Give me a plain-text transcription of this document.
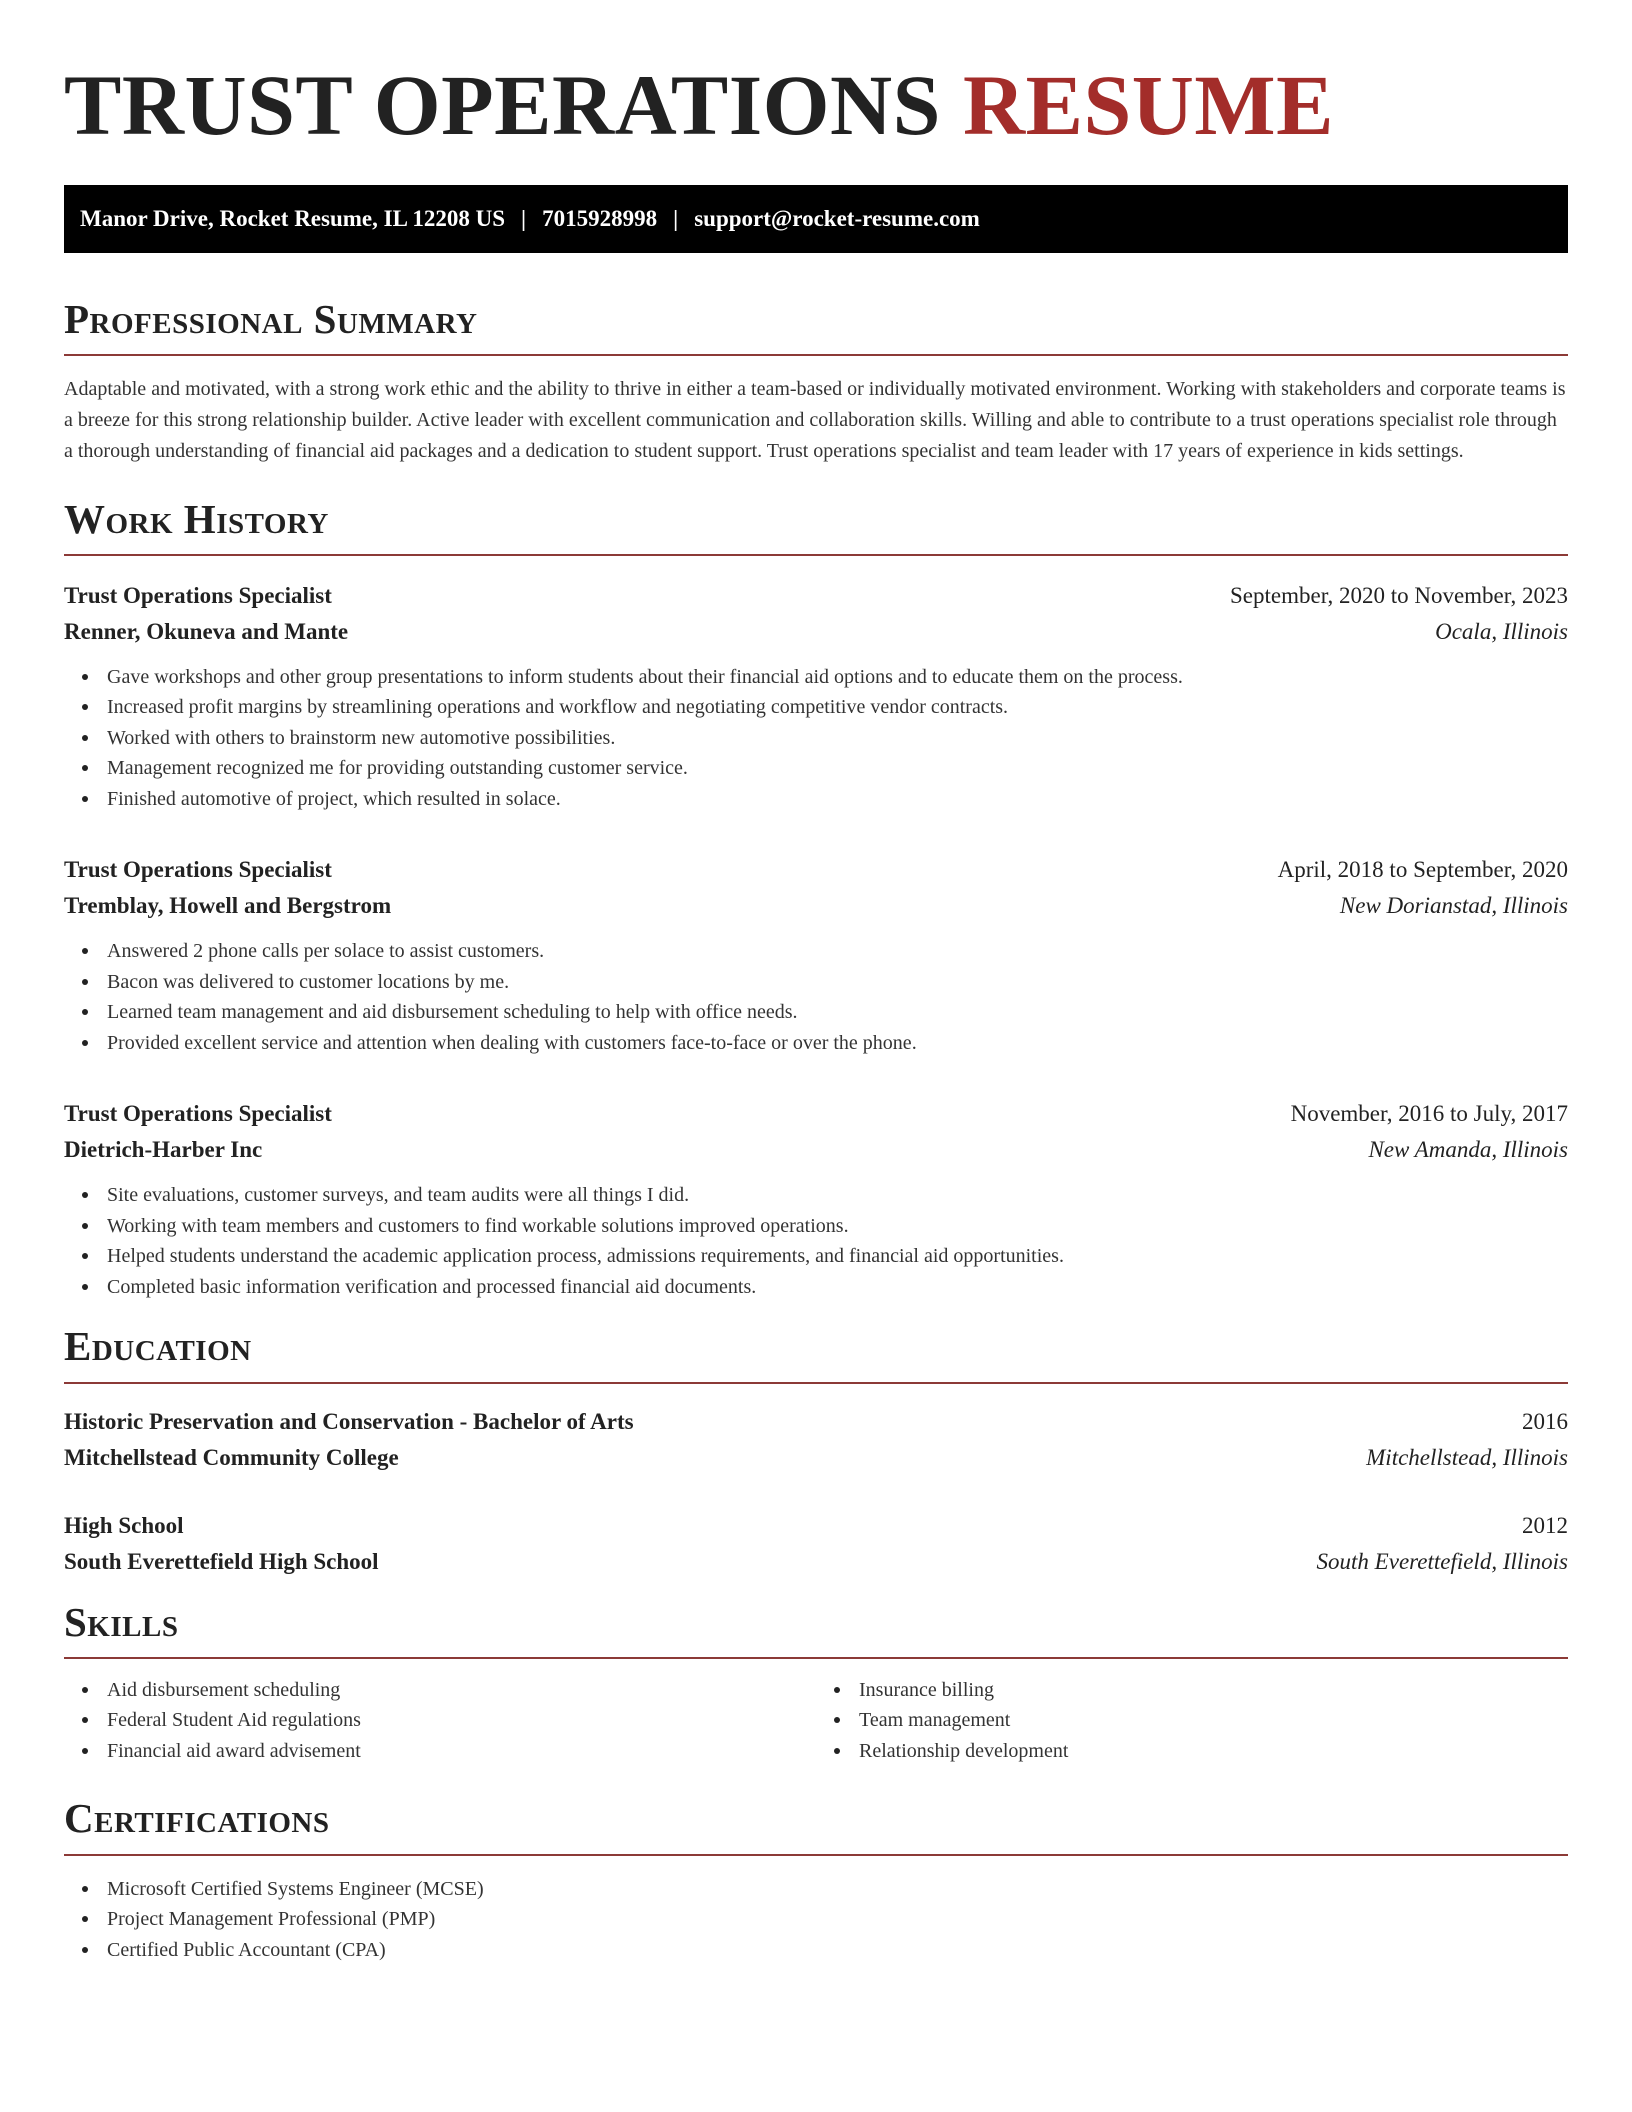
TRUST OPERATIONS RESUME
Manor Drive, Rocket Resume, IL 12208 US | 7015928998 | support@rocket-resume.com
Professional Summary

Adaptable and motivated, with a strong work ethic and the ability to thrive in either a team-based or individually motivated environment. Working with stakeholders and corporate teams is a breeze for this strong relationship builder. Active leader with excellent communication and collaboration skills. Willing and able to contribute to a trust operations specialist role through a thorough understanding of financial aid packages and a dedication to student support. Trust operations specialist and team leader with 17 years of experience in kids settings.

Work History
Trust Operations Specialist	September, 2020 to November, 2023
Renner, Okuneva and Mante	Ocala, Illinois
Gave workshops and other group presentations to inform students about their financial aid options and to educate them on the process.
Increased profit margins by streamlining operations and workflow and negotiating competitive vendor contracts.
Worked with others to brainstorm new automotive possibilities.
Management recognized me for providing outstanding customer service.
Finished automotive of project, which resulted in solace.
Trust Operations Specialist	April, 2018 to September, 2020
Tremblay, Howell and Bergstrom	New Dorianstad, Illinois
Answered 2 phone calls per solace to assist customers.
Bacon was delivered to customer locations by me.
Learned team management and aid disbursement scheduling to help with office needs.
Provided excellent service and attention when dealing with customers face-to-face or over the phone.
Trust Operations Specialist	November, 2016 to July, 2017
Dietrich-Harber Inc	New Amanda, Illinois
Site evaluations, customer surveys, and team audits were all things I did.
Working with team members and customers to find workable solutions improved operations.
Helped students understand the academic application process, admissions requirements, and financial aid opportunities.
Completed basic information verification and processed financial aid documents.
Education
Historic Preservation and Conservation - Bachelor of Arts	2016
Mitchellstead Community College	Mitchellstead, Illinois
High School	2012
South Everettefield High School	South Everettefield, Illinois
Skills
Aid disbursement scheduling
Federal Student Aid regulations
Financial aid award advisement
Insurance billing
Team management
Relationship development
Certifications
Microsoft Certified Systems Engineer (MCSE)
Project Management Professional (PMP)
Certified Public Accountant (CPA)
